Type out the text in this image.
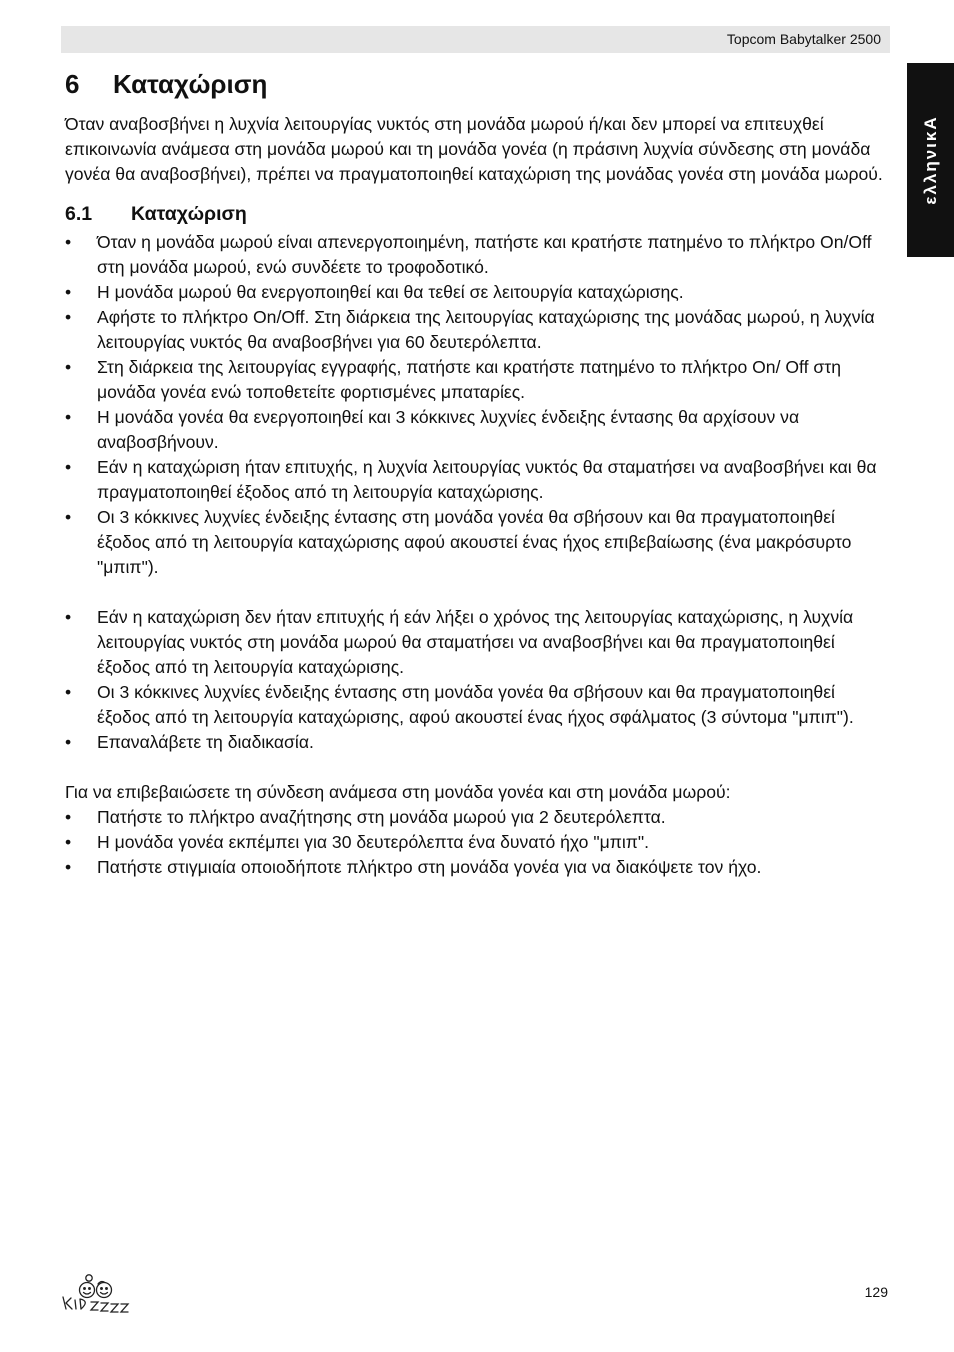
Topcom Babytalker 2500
ελληνικΑ
6 Καταχώριση

Όταν αναβοσβήνει η λυχνία λειτουργίας νυκτός στη μονάδα μωρού ή/και δεν μπορεί να επιτευχθεί επικοινωνία ανάμεσα στη μονάδα μωρού και τη μονάδα γονέα (η πράσινη λυχνία σύνδεσης στη μονάδα γονέα θα αναβοσβήνει), πρέπει να πραγματοποιηθεί καταχώριση της μονάδας γονέα στη μονάδα μωρού.

6.1 Καταχώριση
• Όταν η μονάδα μωρού είναι απενεργοποιημένη, πατήστε και κρατήστε πατημένο το πλήκτρο On/Off στη μονάδα μωρού, ενώ συνδέετε το τροφοδοτικό.
• Η μονάδα μωρού θα ενεργοποιηθεί και θα τεθεί σε λειτουργία καταχώρισης.
• Αφήστε το πλήκτρο On/Off. Στη διάρκεια της λειτουργίας καταχώρισης της μονάδας μωρού, η λυχνία λειτουργίας νυκτός θα αναβοσβήνει για 60 δευτερόλεπτα.
• Στη διάρκεια της λειτουργίας εγγραφής, πατήστε και κρατήστε πατημένο το πλήκτρο On/ Off στη μονάδα γονέα ενώ τοποθετείτε φορτισμένες μπαταρίες.
• Η μονάδα γονέα θα ενεργοποιηθεί και 3 κόκκινες λυχνίες ένδειξης έντασης θα αρχίσουν να αναβοσβήνουν.
• Εάν η καταχώριση ήταν επιτυχής, η λυχνία λειτουργίας νυκτός θα σταματήσει να αναβοσβήνει και θα πραγματοποιηθεί έξοδος από τη λειτουργία καταχώρισης.
• Οι 3 κόκκινες λυχνίες ένδειξης έντασης στη μονάδα γονέα θα σβήσουν και θα πραγματοποιηθεί έξοδος από τη λειτουργία καταχώρισης αφού ακουστεί ένας ήχος επιβεβαίωσης (ένα μακρόσυρτο "μπιπ").
• Εάν η καταχώριση δεν ήταν επιτυχής ή εάν λήξει ο χρόνος της λειτουργίας καταχώρισης, η λυχνία λειτουργίας νυκτός στη μονάδα μωρού θα σταματήσει να αναβοσβήνει και θα πραγματοποιηθεί έξοδος από τη λειτουργία καταχώρισης.
• Οι 3 κόκκινες λυχνίες ένδειξης έντασης στη μονάδα γονέα θα σβήσουν και θα πραγματοποιηθεί έξοδος από τη λειτουργία καταχώρισης, αφού ακουστεί ένας ήχος σφάλματος (3 σύντομα "μπιπ").
• Επαναλάβετε τη διαδικασία.

Για να επιβεβαιώσετε τη σύνδεση ανάμεσα στη μονάδα γονέα και στη μονάδα μωρού:

• Πατήστε το πλήκτρο αναζήτησης στη μονάδα μωρού για 2 δευτερόλεπτα.
• Η μονάδα γονέα εκπέμπει για 30 δευτερόλεπτα ένα δυνατό ήχο "μπιπ".
• Πατήστε στιγμιαία οποιοδήποτε πλήκτρο στη μονάδα γονέα για να διακόψετε τον ήχο.
129
